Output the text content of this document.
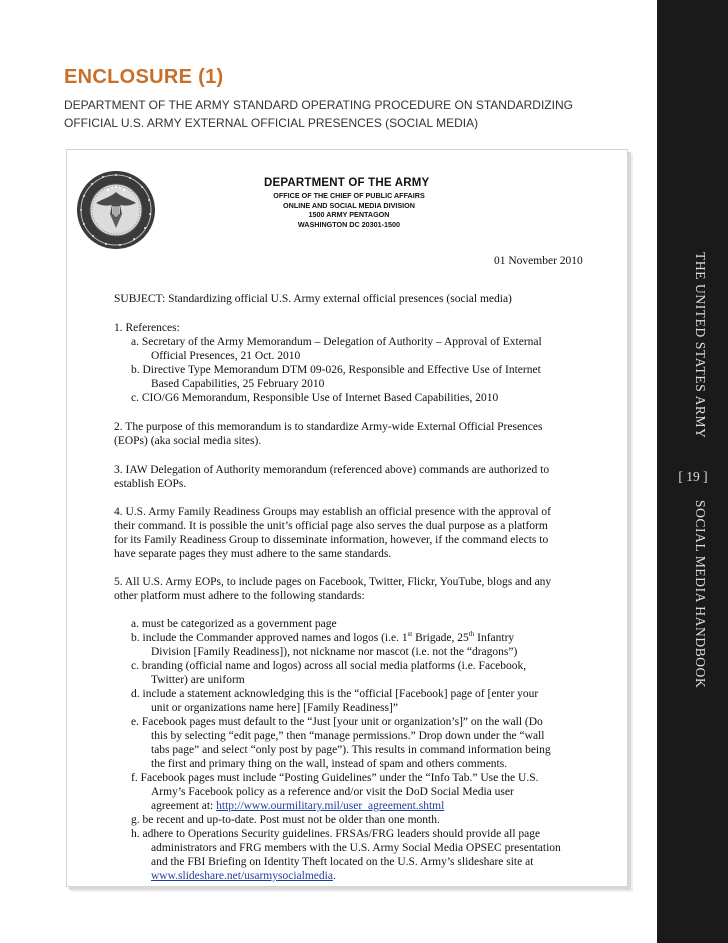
THE UNITED STATES ARMY
[ 19 ]
SOCIAL MEDIA HANDBOOK
ENCLOSURE (1)

DEPARTMENT OF THE ARMY STANDARD OPERATING PROCEDURE ON STANDARDIZING
OFFICIAL U.S. ARMY EXTERNAL OFFICIAL PRESENCES (SOCIAL MEDIA)

DEPARTMENT OF THE ARMY
OFFICE OF THE CHIEF OF PUBLIC AFFAIRS
ONLINE AND SOCIAL MEDIA DIVISION
1500 ARMY PENTAGON
WASHINGTON DC 20301-1500
01 November 2010
SUBJECT: Standardizing official U.S. Army external official presences (social media)
1. References:
a. Secretary of the Army Memorandum – Delegation of Authority – Approval of External
Official Presences, 21 Oct. 2010
b. Directive Type Memorandum DTM 09-026, Responsible and Effective Use of Internet
Based Capabilities, 25 February 2010
c. CIO/G6 Memorandum, Responsible Use of Internet Based Capabilities, 2010
2. The purpose of this memorandum is to standardize Army-wide External Official Presences
(EOPs) (aka social media sites).
3. IAW Delegation of Authority memorandum (referenced above) commands are authorized to
establish EOPs.
4. U.S. Army Family Readiness Groups may establish an official presence with the approval of
their command. It is possible the unit’s official page also serves the dual purpose as a platform
for its Family Readiness Group to disseminate information, however, if the command elects to
have separate pages they must adhere to the same standards.
5. All U.S. Army EOPs, to include pages on Facebook, Twitter, Flickr, YouTube, blogs and any
other platform must adhere to the following standards:
a. must be categorized as a government page
b. include the Commander approved names and logos (i.e. 1st Brigade, 25th Infantry
Division [Family Readiness]), not nickname nor mascot (i.e. not the “dragons”)
c. branding (official name and logos) across all social media platforms (i.e. Facebook,
Twitter) are uniform
d. include a statement acknowledging this is the “official [Facebook] page of [enter your
unit or organizations name here] [Family Readiness]”
e. Facebook pages must default to the “Just [your unit or organization’s]” on the wall (Do
this by selecting “edit page,” then “manage permissions.” Drop down under the “wall
tabs page” and select “only post by page”). This results in command information being
the first and primary thing on the wall, instead of spam and others comments.
f. Facebook pages must include “Posting Guidelines” under the “Info Tab.” Use the U.S.
Army’s Facebook policy as a reference and/or visit the DoD Social Media user
agreement at: http://www.ourmilitary.mil/user_agreement.shtml
g. be recent and up-to-date. Post must not be older than one month.
h. adhere to Operations Security guidelines. FRSAs/FRG leaders should provide all page
administrators and FRG members with the U.S. Army Social Media OPSEC presentation
and the FBI Briefing on Identity Theft located on the U.S. Army’s slideshare site at
www.slideshare.net/usarmysocialmedia.
